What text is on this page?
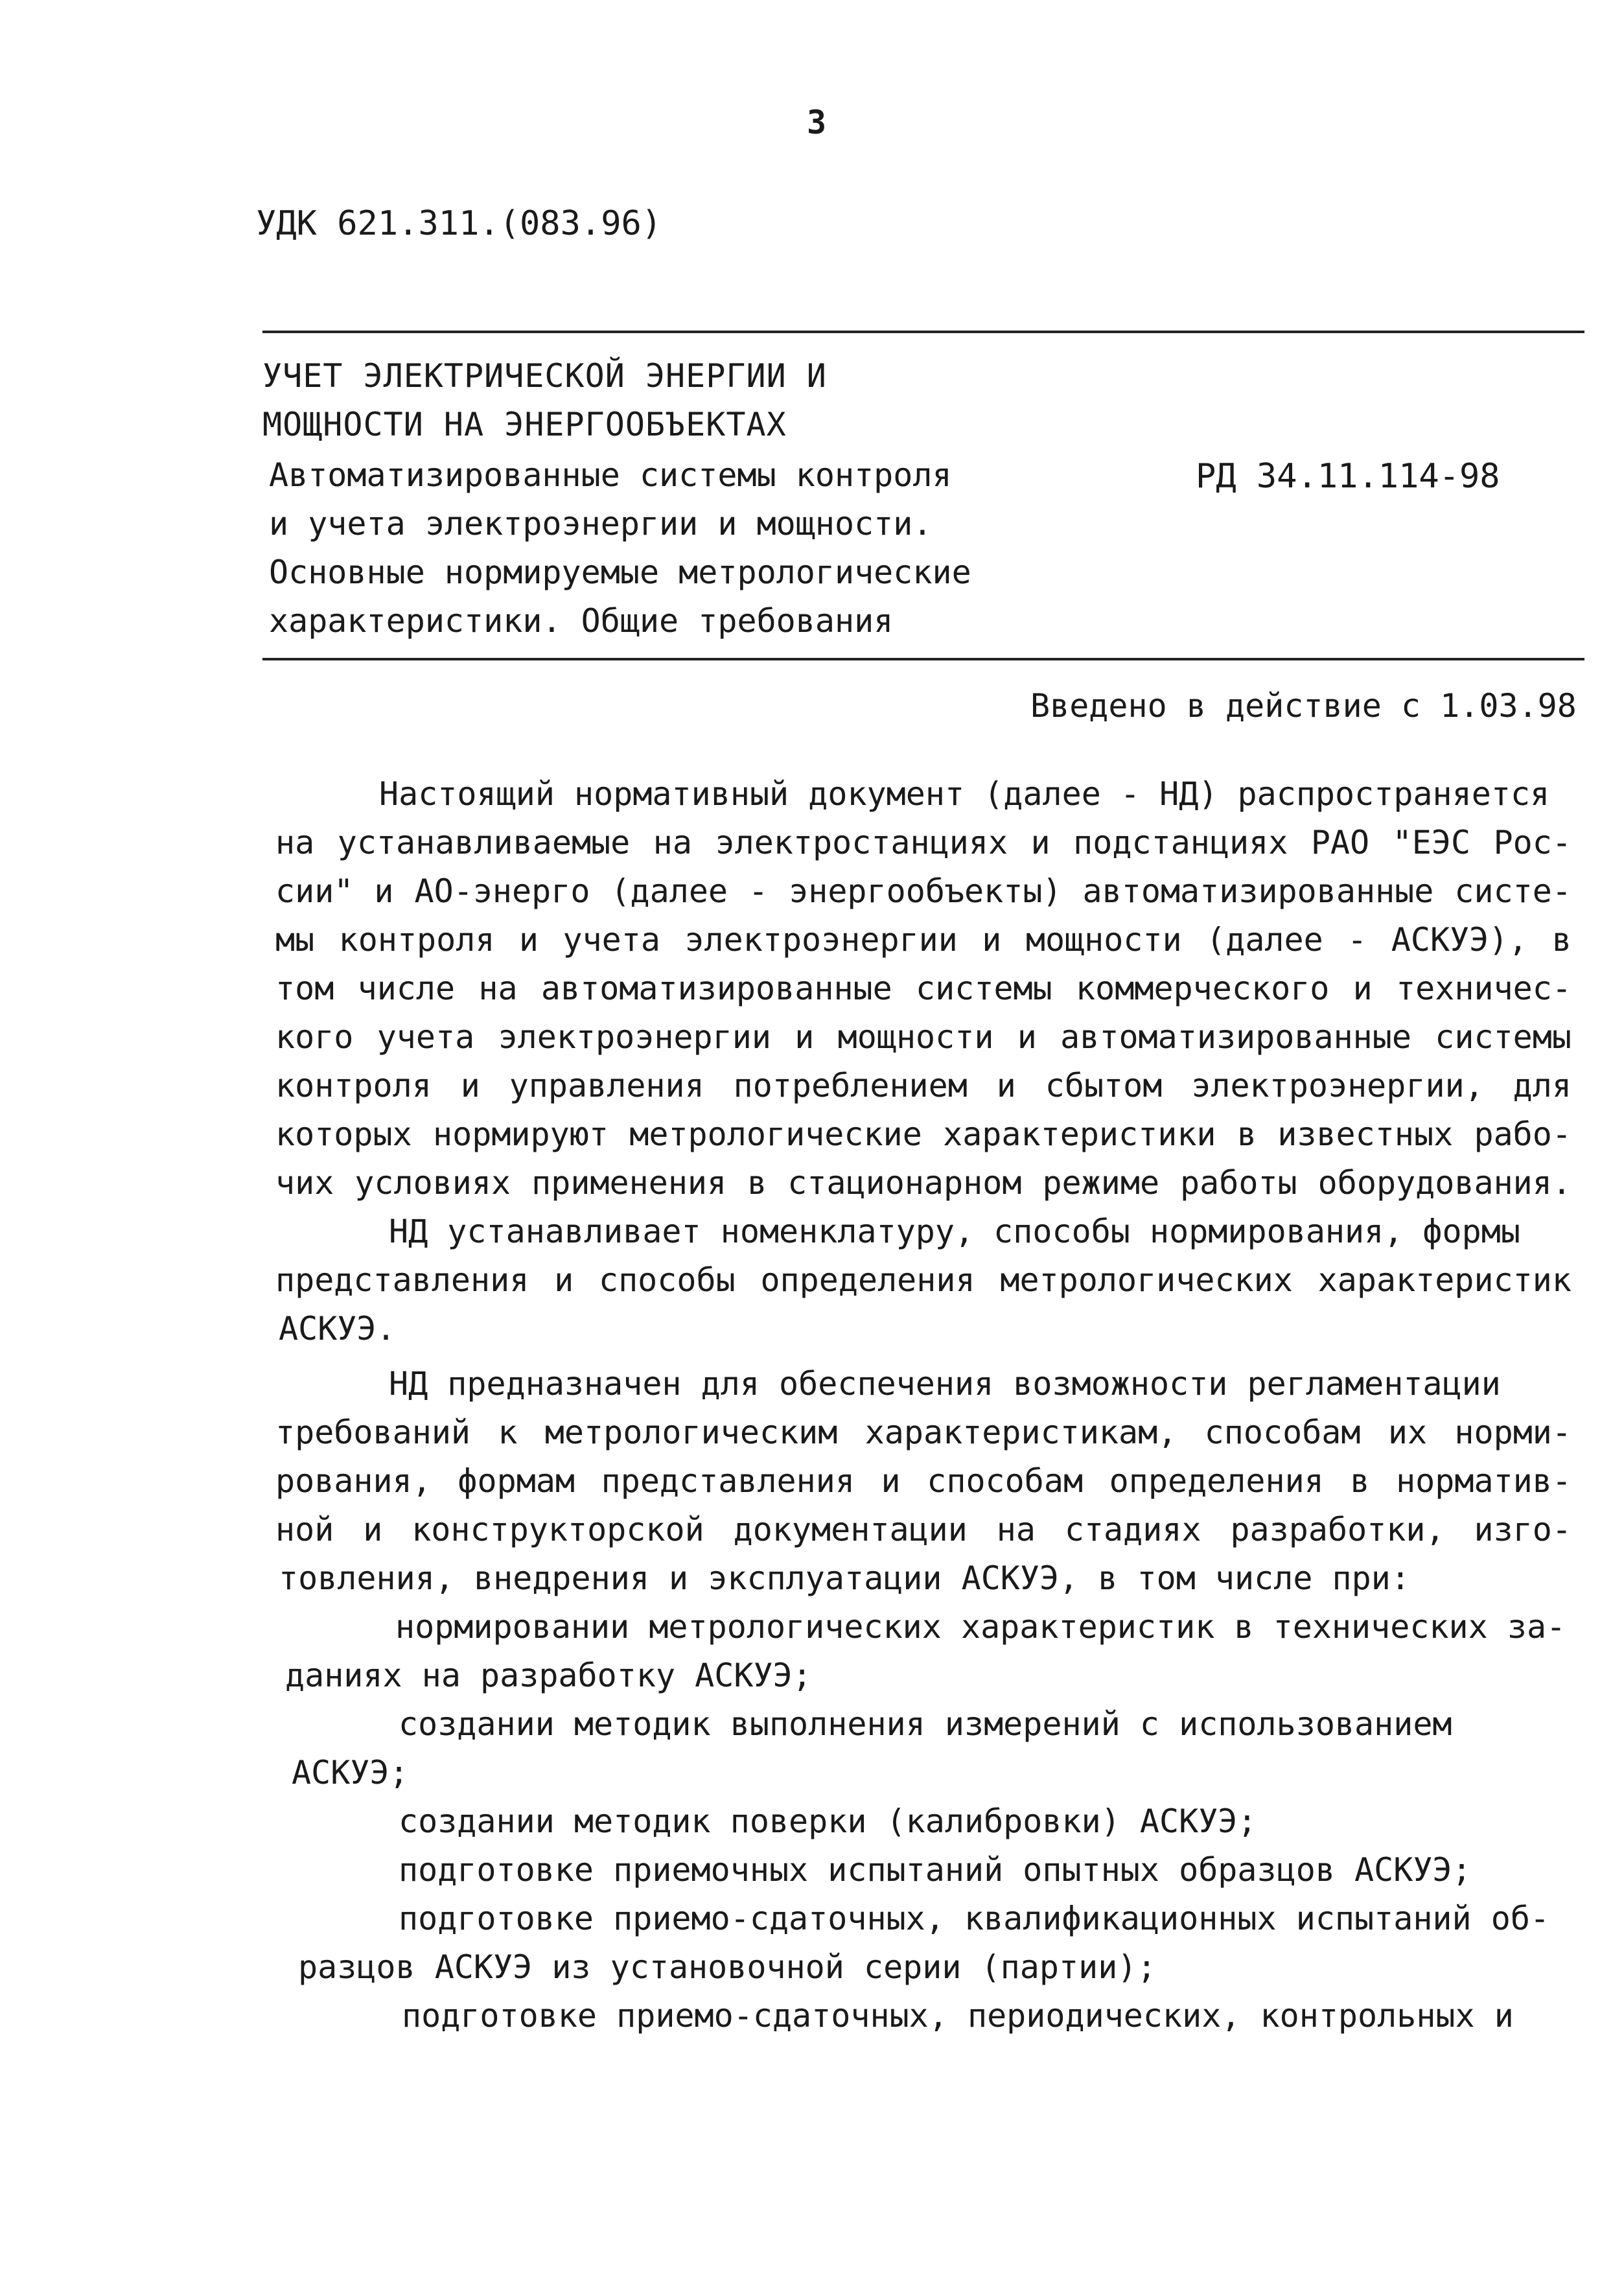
3
УДК 621.311.(083.96)
УЧЕТ ЭЛЕКТРИЧЕСКОЙ ЭНЕРГИИ И
МОЩНОСТИ НА ЭНЕРГООБЪЕКТАХ
Автоматизированные системы контроля
и учета электроэнергии и мощности.
Основные нормируемые метрологические
характеристики. Общие требования
РД 34.11.114-98
Введено в действие с 1.03.98
Настоящий нормативный документ (далее - НД) распространяется
на устанавливаемые на электростанциях и подстанциях РАО "ЕЭС Рос-
сии" и АО-энерго (далее - энергообъекты) автоматизированные систе-
мы контроля и учета электроэнергии и мощности (далее - АСКУЭ), в
том числе на автоматизированные системы коммерческого и техничес-
кого учета электроэнергии и мощности и автоматизированные системы
контроля и управления потреблением и сбытом электроэнергии, для
которых нормируют метрологические характеристики в известных рабо-
чих условиях применения в стационарном режиме работы оборудования.
НД устанавливает номенклатуру, способы нормирования, формы
представления и способы определения метрологических характеристик
АСКУЭ.
НД предназначен для обеспечения возможности регламентации
требований к метрологическим характеристикам, способам их норми-
рования, формам представления и способам определения в норматив-
ной и конструкторской документации на стадиях разработки, изго-
товления, внедрения и эксплуатации АСКУЭ, в том числе при:
нормировании метрологических характеристик в технических за-
даниях на разработку АСКУЭ;
создании методик выполнения измерений с использованием
АСКУЭ;
создании методик поверки (калибровки) АСКУЭ;
подготовке приемочных испытаний опытных образцов АСКУЭ;
подготовке приемо-сдаточных, квалификационных испытаний об-
разцов АСКУЭ из установочной серии (партии);
подготовке приемо-сдаточных, периодических, контрольных и
